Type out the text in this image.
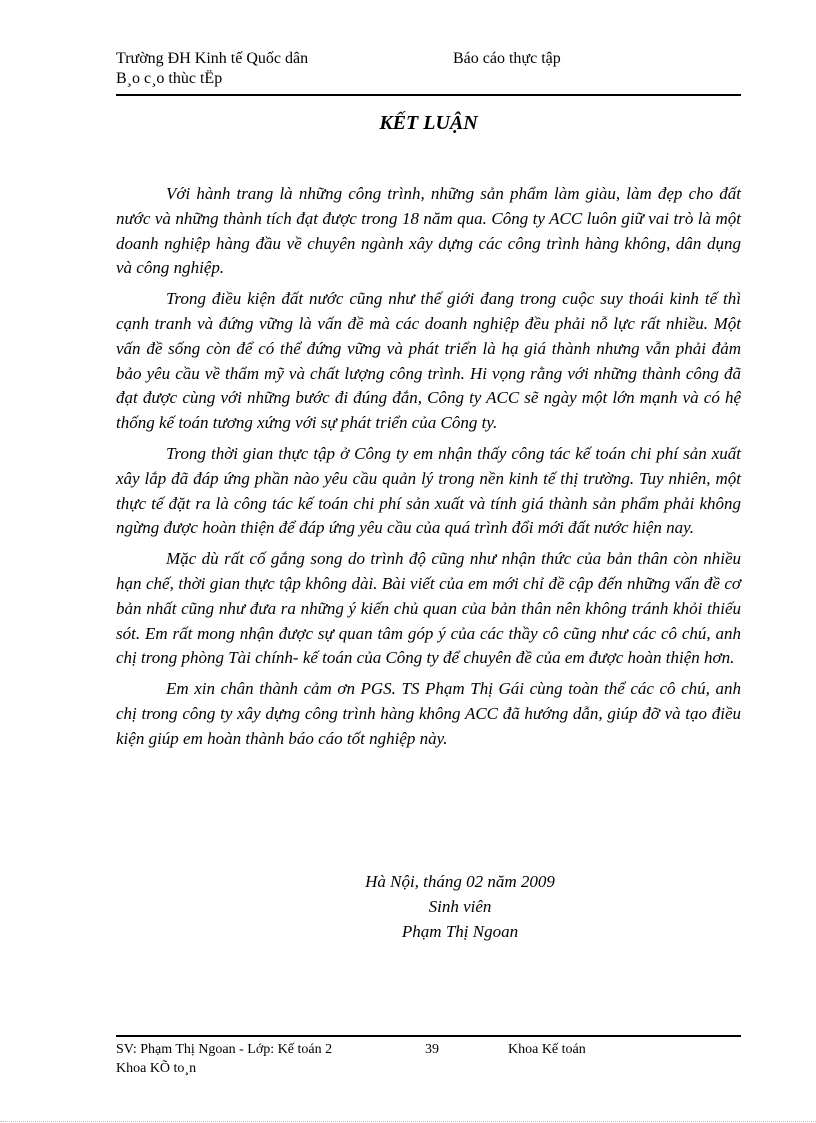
Trường ĐH Kinh tế Quốc dân	Báo cáo thực tập
B¸o c¸o thùc tËp
KẾT LUẬN

Với hành trang là những công trình, những sản phẩm làm giàu, làm đẹp cho đất nước và những thành tích đạt được trong 18 năm qua. Công ty ACC luôn giữ vai trò là một doanh nghiệp hàng đầu về chuyên ngành xây dựng các công trình hàng không, dân dụng và công nghiệp.

Trong điều kiện đất nước cũng như thế giới đang trong cuộc suy thoái kinh tế thì cạnh tranh và đứng vững là vấn đề mà các doanh nghiệp đều phải nỗ lực rất nhiều. Một vấn đề sống còn để có thể đứng vững và phát triển là hạ giá thành nhưng vẫn phải đảm bảo yêu cầu về thẩm mỹ và chất lượng công trình. Hi vọng rằng với những thành công đã đạt được cùng với những bước đi đúng đắn, Công ty ACC sẽ ngày một lớn mạnh và có hệ thống kế toán tương xứng với sự phát triển của Công ty.

Trong thời gian thực tập ở Công ty em nhận thấy công tác kế toán chi phí sản xuất xây lắp đã đáp ứng phần nào yêu cầu quản lý trong nền kinh tế thị trường. Tuy nhiên, một thực tế đặt ra là công tác kế toán chi phí sản xuất và tính giá thành sản phẩm phải không ngừng được hoàn thiện để đáp ứng yêu cầu của quá trình đổi mới đất nước hiện nay.

Mặc dù rất cố gắng song do trình độ cũng như nhận thức của bản thân còn nhiều hạn chế, thời gian thực tập không dài. Bài viết của em mới chỉ đề cập đến những vấn đề cơ bản nhất cũng như đưa ra những ý kiến chủ quan của bản thân nên không tránh khỏi thiếu sót. Em rất mong nhận được sự quan tâm góp ý của các thầy cô cũng như các cô chú, anh chị trong phòng Tài chính- kế toán của Công ty để chuyên đề của em được hoàn thiện hơn.

Em xin chân thành cảm ơn PGS. TS Phạm Thị Gái cùng toàn thể các cô chú, anh chị trong công ty xây dựng công trình hàng không ACC đã hướng dẫn, giúp đỡ và tạo điều kiện giúp em hoàn thành báo cáo tốt nghiệp này.

Hà Nội, tháng 02 năm 2009
Sinh viên
Phạm Thị Ngoan
SV: Phạm Thị Ngoan - Lớp: Kế toán 2	39	Khoa Kế toán
Khoa KÕ to¸n
